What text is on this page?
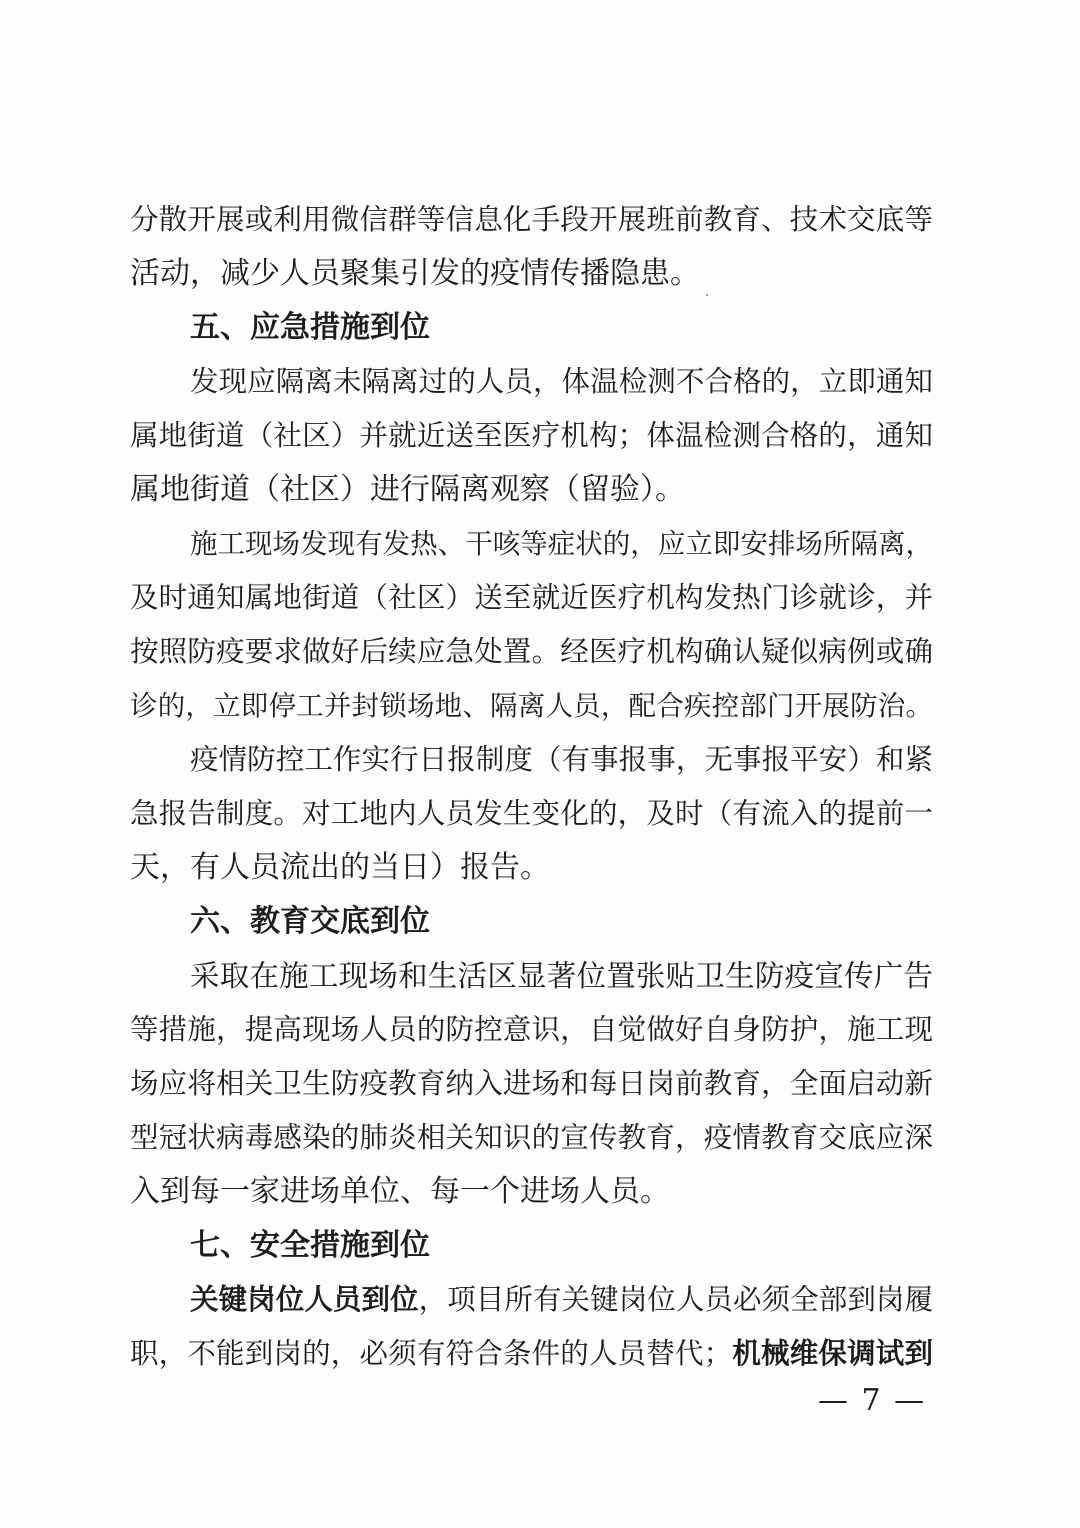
分散开展或利用微信群等信息化手段开展班前教育、技术交底等
活动，减少人员聚集引发的疫情传播隐患。
五、应急措施到位
发现应隔离未隔离过的人员，体温检测不合格的，立即通知
属地街道（社区）并就近送至医疗机构；体温检测合格的，通知
属地街道（社区）进行隔离观察（留验）。
施工现场发现有发热、干咳等症状的，应立即安排场所隔离，
及时通知属地街道（社区）送至就近医疗机构发热门诊就诊，并
按照防疫要求做好后续应急处置。经医疗机构确认疑似病例或确
诊的，立即停工并封锁场地、隔离人员，配合疾控部门开展防治。
疫情防控工作实行日报制度（有事报事，无事报平安）和紧
急报告制度。对工地内人员发生变化的，及时（有流入的提前一
天，有人员流出的当日）报告。
六、教育交底到位
采取在施工现场和生活区显著位置张贴卫生防疫宣传广告
等措施，提高现场人员的防控意识，自觉做好自身防护，施工现
场应将相关卫生防疫教育纳入进场和每日岗前教育，全面启动新
型冠状病毒感染的肺炎相关知识的宣传教育，疫情教育交底应深
入到每一家进场单位、每一个进场人员。
七、安全措施到位
关键岗位人员到位，项目所有关键岗位人员必须全部到岗履
职，不能到岗的，必须有符合条件的人员替代；机械维保调试到
— 7 —
